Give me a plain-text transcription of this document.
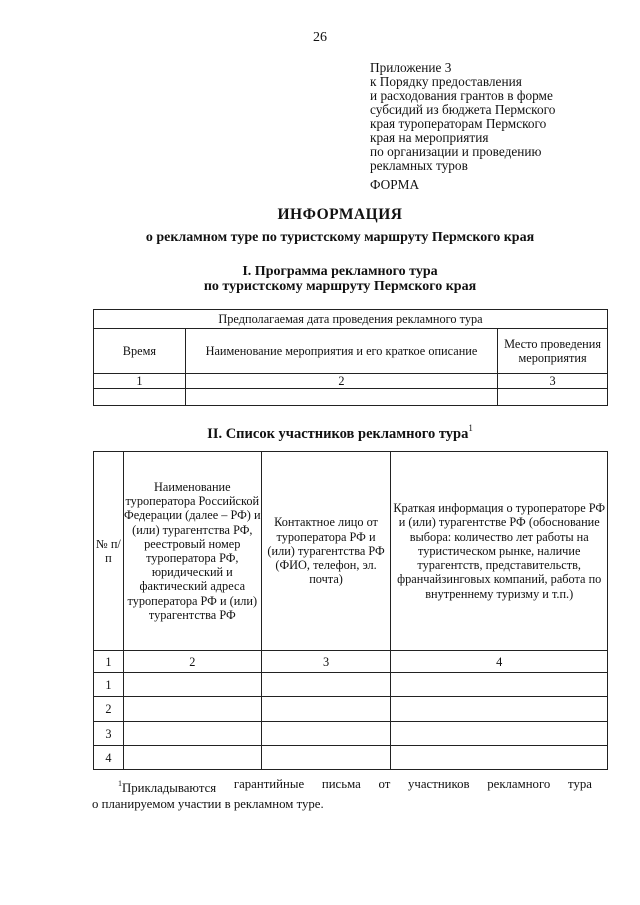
26
Приложение 3
к Порядку предоставления
и расходования грантов в форме
субсидий из бюджета Пермского
края туроператорам Пермского
края на мероприятия
по организации и проведению
рекламных туров
ФОРМА
ИНФОРМАЦИЯ
о рекламном туре по туристскому маршруту Пермского края
I. Программа рекламного тура
по туристскому маршруту Пермского края
Предполагаемая дата проведения рекламного тура		
Время	Наименование мероприятия и его краткое описание	Место проведения мероприятия
1	2	3

II. Список участников рекламного тура$^1$
№ п/п	Наименование туроператора Российской Федерации (далее – РФ) и (или) турагентства РФ, реестровый номер туроператора РФ, юридический и фактический адреса туроператора РФ и (или) турагентства РФ	Контактное лицо от туроператора РФ и (или) турагентства РФ (ФИО, телефон, эл. почта)	Краткая информация о туроператоре РФ и (или) турагентстве РФ (обоснование выбора: количество лет работы на туристическом рынке, наличие турагентств, представительств, франчайзинговых компаний, работа по внутреннему туризму и т.п.)
1	2	3	4
1			
2			
3			
4			
$^1$Прикладываются гарантийные письма от участников рекламного тура
о планируемом участии в рекламном туре.
